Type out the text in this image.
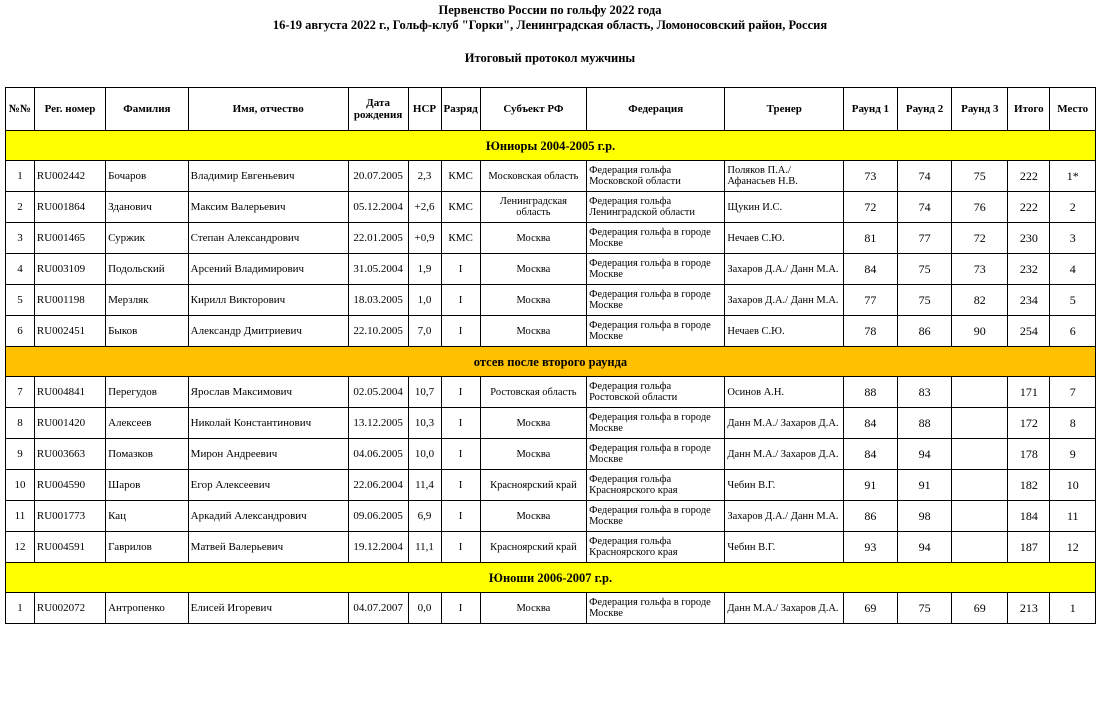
Первенство России по гольфу 2022 года
16-19 августа 2022 г., Гольф-клуб "Горки", Ленинградская область, Ломоносовский район, Россия
Итоговый протокол мужчины
№№	Рег. номер	Фамилия	Имя, отчество	Дата рождения	HCP	Разряд	Субъект РФ	Федерация	Тренер	Раунд 1	Раунд 2	Раунд 3	Итого	Место
Юниоры 2004-2005 г.р.														
1	RU002442	Бочаров	Владимир Евгеньевич	20.07.2005	2,3	КМС	Московская область	Федерация гольфа Московской области	Поляков П.А./ Афанасьев Н.В.	73	74	75	222	1*
2	RU001864	Зданович	Максим Валерьевич	05.12.2004	+2,6	КМС	Ленинградская область	Федерация гольфа Ленинградской области	Щукин И.С.	72	74	76	222	2
3	RU001465	Суржик	Степан Александрович	22.01.2005	+0,9	КМС	Москва	Федерация гольфа в городе Москве	Нечаев С.Ю.	81	77	72	230	3
4	RU003109	Подольский	Арсений Владимирович	31.05.2004	1,9	I	Москва	Федерация гольфа в городе Москве	Захаров Д.А./ Данн М.А.	84	75	73	232	4
5	RU001198	Мерзляк	Кирилл Викторович	18.03.2005	1,0	I	Москва	Федерация гольфа в городе Москве	Захаров Д.А./ Данн М.А.	77	75	82	234	5
6	RU002451	Быков	Александр Дмитриевич	22.10.2005	7,0	I	Москва	Федерация гольфа в городе Москве	Нечаев С.Ю.	78	86	90	254	6
отсев после второго раунда														
7	RU004841	Перегудов	Ярослав Максимович	02.05.2004	10,7	I	Ростовская область	Федерация гольфа Ростовской области	Осинов А.Н.	88	83		171	7
8	RU001420	Алексеев	Николай Константинович	13.12.2005	10,3	I	Москва	Федерация гольфа в городе Москве	Данн М.А./ Захаров Д.А.	84	88		172	8
9	RU003663	Помазков	Мирон Андреевич	04.06.2005	10,0	I	Москва	Федерация гольфа в городе Москве	Данн М.А./ Захаров Д.А.	84	94		178	9
10	RU004590	Шаров	Егор Алексеевич	22.06.2004	11,4	I	Красноярский край	Федерация гольфа Красноярского края	Чебин В.Г.	91	91		182	10
11	RU001773	Кац	Аркадий Александрович	09.06.2005	6,9	I	Москва	Федерация гольфа в городе Москве	Захаров Д.А./ Данн М.А.	86	98		184	11
12	RU004591	Гаврилов	Матвей Валерьевич	19.12.2004	11,1	I	Красноярский край	Федерация гольфа Красноярского края	Чебин В.Г.	93	94		187	12
Юноши 2006-2007 г.р.														
1	RU002072	Антропенко	Елисей Игоревич	04.07.2007	0,0	I	Москва	Федерация гольфа в городе Москве	Данн М.А./ Захаров Д.А.	69	75	69	213	1
